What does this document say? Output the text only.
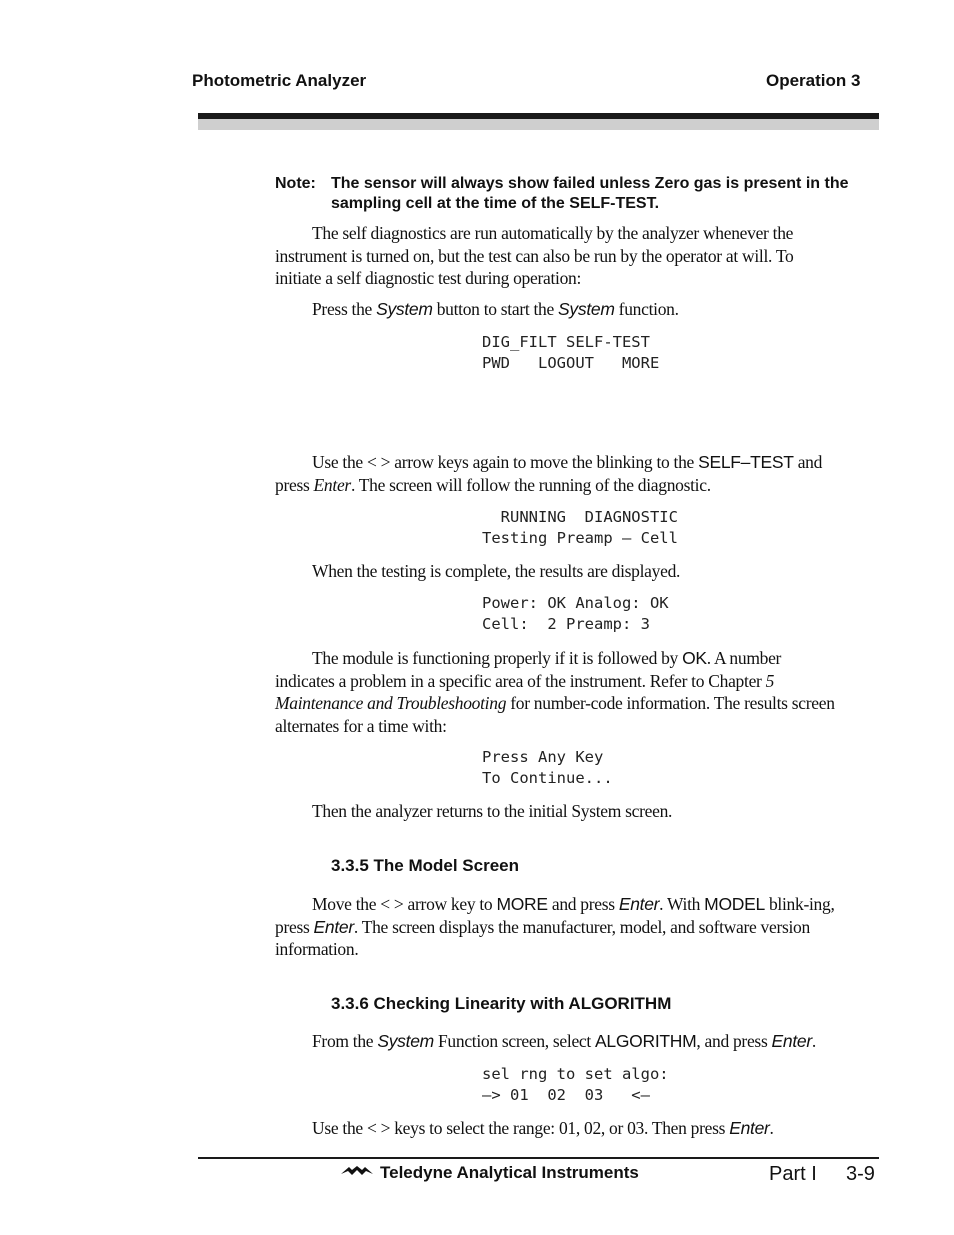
Photometric Analyzer	Operation 3
Note: The sensor will always show failed unless Zero gas is present in the sampling cell at the time of the SELF-TEST.
The self diagnostics are run automatically by the analyzer whenever the instrument is turned on, but the test can also be run by the operator at will. To initiate a self diagnostic test during operation:
Press the System button to start the System function.
DIG_FILT SELF-TEST
PWD   LOGOUT   MORE
Use the < > arrow keys again to move the blinking to the SELF–TEST and press Enter. The screen will follow the running of the diagnostic.
RUNNING  DIAGNOSTIC
Testing Preamp — Cell
When the testing is complete, the results are displayed.
Power: OK Analog: OK
Cell:  2 Preamp: 3
The module is functioning properly if it is followed by OK. A number indicates a problem in a specific area of the instrument. Refer to Chapter 5 Maintenance and Troubleshooting for number-code information. The results screen alternates for a time with:
Press Any Key
To Continue...
Then the analyzer returns to the initial System screen.
3.3.5 The Model Screen
Move the < > arrow key to MORE and press Enter. With MODEL blink-ing, press Enter. The screen displays the manufacturer, model, and software version information.
3.3.6 Checking Linearity with ALGORITHM
From the System Function screen, select ALGORITHM, and press Enter.
sel rng to set algo:
—> 01  02  03   <—
Use the < > keys to select the range: 01, 02, or 03. Then press Enter.
Teledyne Analytical Instruments	Part I 3-9
